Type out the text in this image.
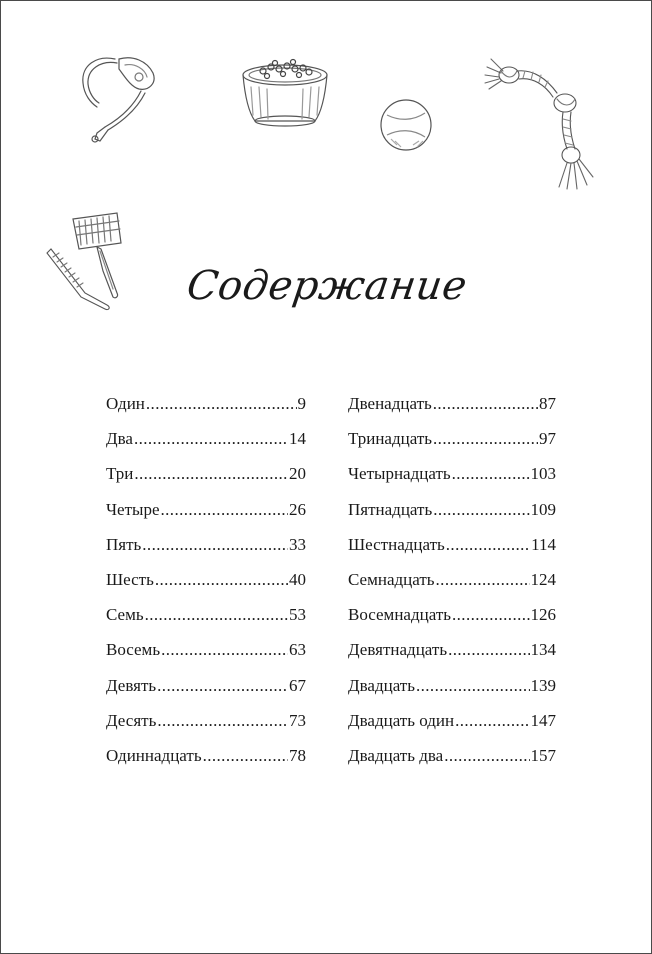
Содержание
Один .....	9
Два .....	14
Три .....	20
Четыре .....	26
Пять .....	33
Шесть .....	40
Семь .....	53
Восемь .....	63
Девять .....	67
Десять .....	73
Одиннадцать .....	78
Двенадцать .....	87
Тринадцать .....	97
Четырнадцать .....	103
Пятнадцать .....	109
Шестнадцать .....	114
Семнадцать .....	124
Восемнадцать .....	126
Девятнадцать .....	134
Двадцать .....	139
Двадцать один .....	147
Двадцать два .....	157
